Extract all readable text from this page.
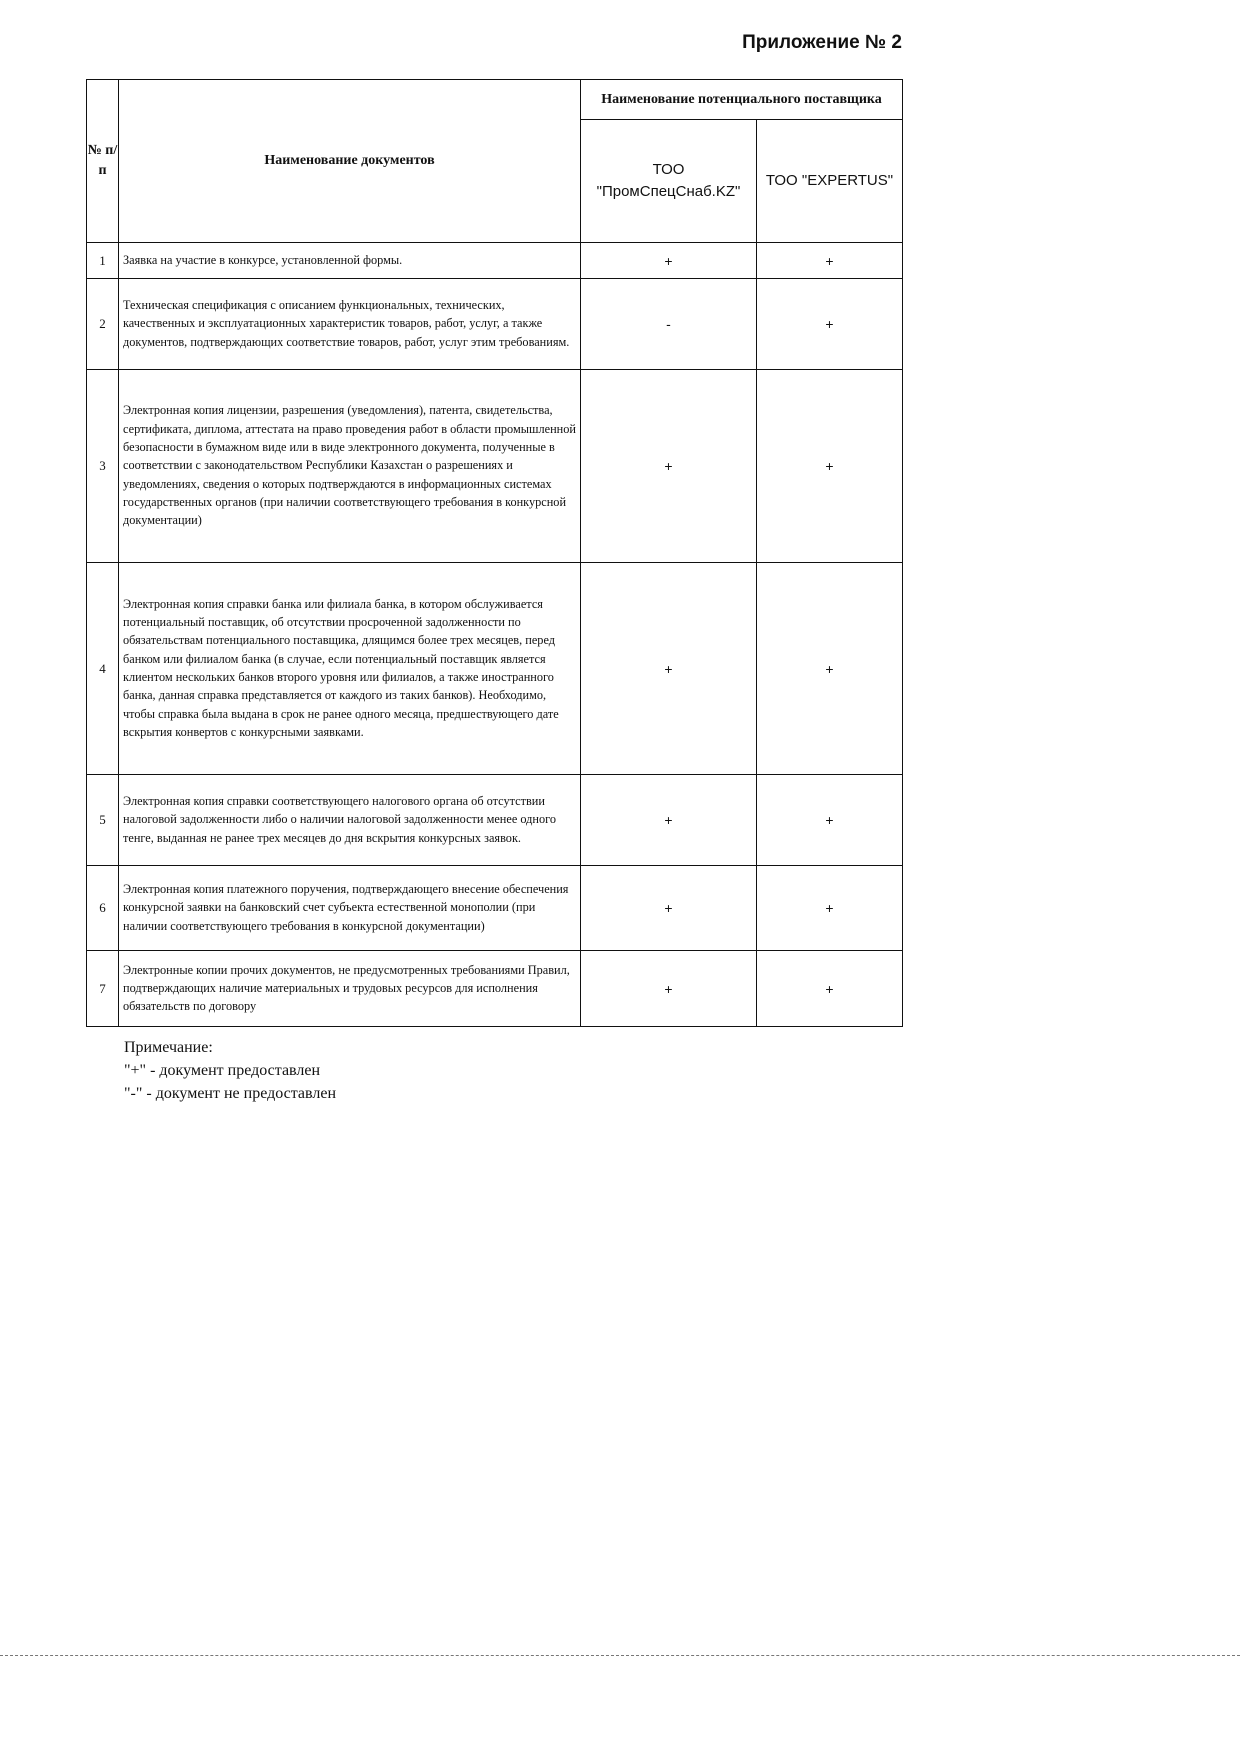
Приложение № 2
№ п/п	Наименование документов	Наименование потенциального поставщика	
		ТОО "ПромСпецСнаб.KZ"	ТОО "EXPERTUS"
1	Заявка на участие в конкурсе, установленной формы.	+	+
2	Техническая спецификация с описанием функциональных, технических, качественных и эксплуатационных характеристик товаров, работ, услуг, а также документов, подтверждающих соответствие товаров, работ, услуг этим требованиям.	-	+
3	Электронная копия лицензии, разрешения (уведомления), патента, свидетельства, сертификата, диплома, аттестата на право проведения работ в области промышленной безопасности в бумажном виде или в виде электронного документа, полученные в соответствии с законодательством Республики Казахстан о разрешениях и уведомлениях, сведения о которых подтверждаются в информационных системах государственных органов (при наличии соответствующего требования в конкурсной документации)	+	+
4	Электронная копия справки банка или филиала банка, в котором обслуживается потенциальный поставщик, об отсутствии просроченной задолженности по обязательствам потенциального поставщика, длящимся более трех месяцев, перед банком или филиалом банка (в случае, если потенциальный поставщик является клиентом нескольких банков второго уровня или филиалов, а также иностранного банка, данная справка представляется от каждого из таких банков). Необходимо, чтобы справка была выдана в срок не ранее одного месяца, предшествующего дате вскрытия конвертов с конкурсными заявками.	+	+
5	Электронная копия справки соответствующего налогового органа об отсутствии налоговой задолженности либо о наличии налоговой задолженности менее одного тенге, выданная не ранее трех месяцев до дня вскрытия конкурсных заявок.	+	+
6	Электронная копия платежного поручения, подтверждающего внесение обеспечения конкурсной заявки на банковский счет субъекта естественной монополии (при наличии соответствующего требования в конкурсной документации)	+	+
7	Электронные копии прочих документов, не предусмотренных требованиями Правил, подтверждающих наличие материальных и трудовых ресурсов для исполнения обязательств по договору	+	+
Примечание:
"+" - документ предоставлен
"-" - документ не предоставлен
